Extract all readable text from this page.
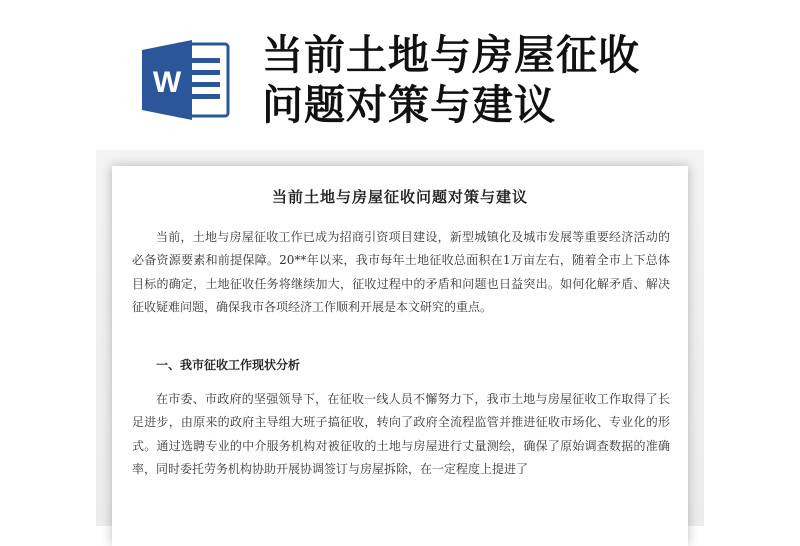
W
当前土地与房屋征收
问题对策与建议
当前土地与房屋征收问题对策与建议

当前，土地与房屋征收工作已成为招商引资项目建设，新型城镇化及城市发展等重要经济活动的必备资源要素和前提保障。20**年以来，我市每年土地征收总面积在1万亩左右，随着全市上下总体目标的确定，土地征收任务将继续加大，征收过程中的矛盾和问题也日益突出。如何化解矛盾、解决征收疑难问题，确保我市各项经济工作顺利开展是本文研究的重点。

一、我市征收工作现状分析

在市委、市政府的坚强领导下，在征收一线人员不懈努力下，我市土地与房屋征收工作取得了长足进步，由原来的政府主导组大班子搞征收，转向了政府全流程监管并推进征收市场化、专业化的形式。通过选聘专业的中介服务机构对被征收的土地与房屋进行丈量测绘，确保了原始调查数据的准确率，同时委托劳务机构协助开展协调签订与房屋拆除，在一定程度上提进了
